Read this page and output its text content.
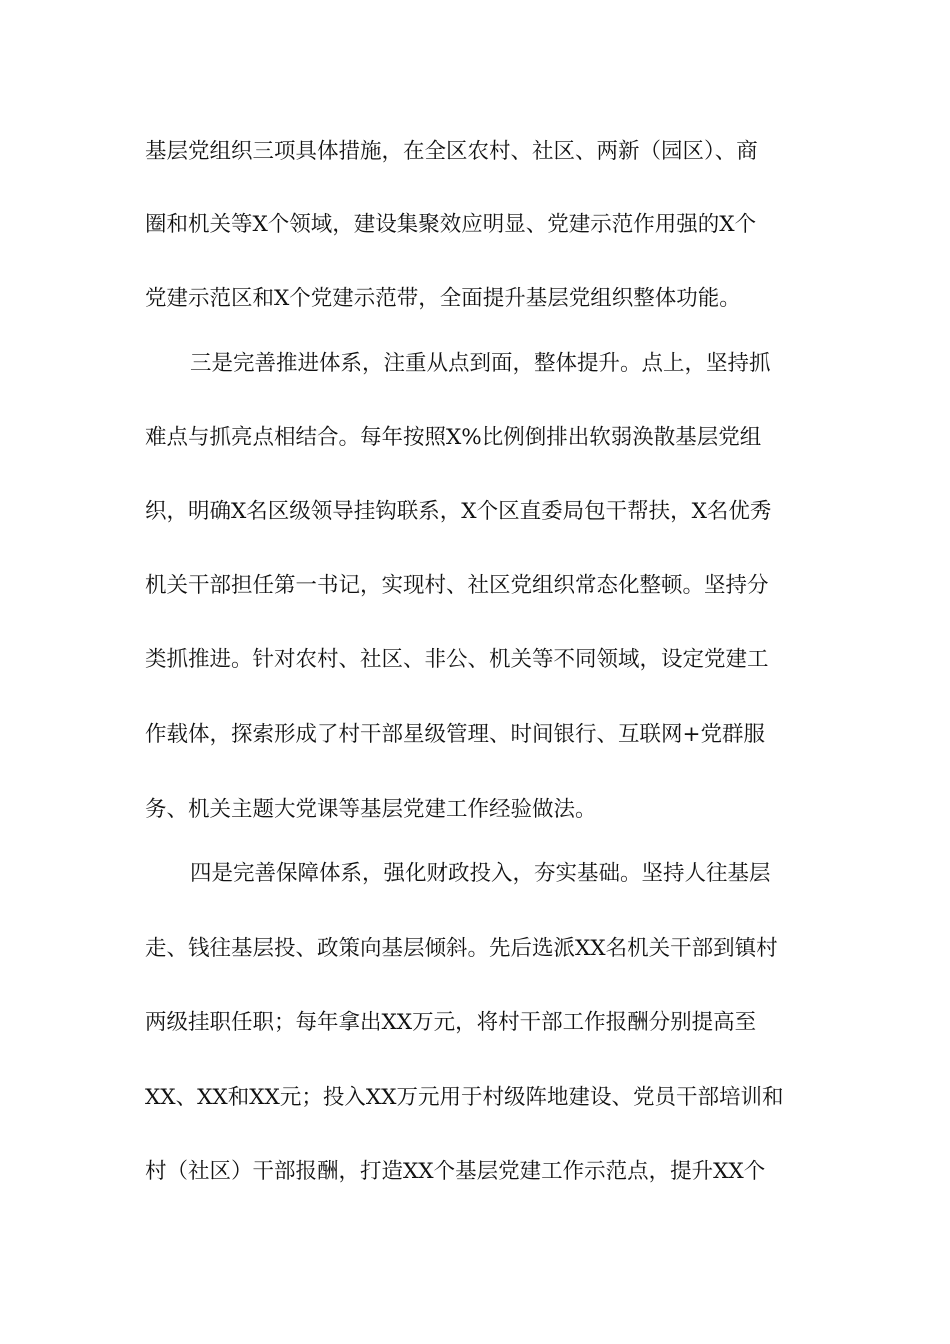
基层党组织三项具体措施，在全区农村、社区、两新（园区）、商
圈和机关等X个领域，建设集聚效应明显、党建示范作用强的X个
党建示范区和X个党建示范带，全面提升基层党组织整体功能。
三是完善推进体系，注重从点到面，整体提升。点上，坚持抓
难点与抓亮点相结合。每年按照X%比例倒排出软弱涣散基层党组
织，明确X名区级领导挂钩联系，X个区直委局包干帮扶，X名优秀
机关干部担任第一书记，实现村、社区党组织常态化整顿。坚持分
类抓推进。针对农村、社区、非公、机关等不同领域，设定党建工
作载体，探索形成了村干部星级管理、时间银行、互联网+党群服
务、机关主题大党课等基层党建工作经验做法。
四是完善保障体系，强化财政投入，夯实基础。坚持人往基层
走、钱往基层投、政策向基层倾斜。先后选派XX名机关干部到镇村
两级挂职任职；每年拿出XX万元，将村干部工作报酬分别提高至
XX、XX和XX元；投入XX万元用于村级阵地建设、党员干部培训和
村（社区）干部报酬，打造XX个基层党建工作示范点，提升XX个
